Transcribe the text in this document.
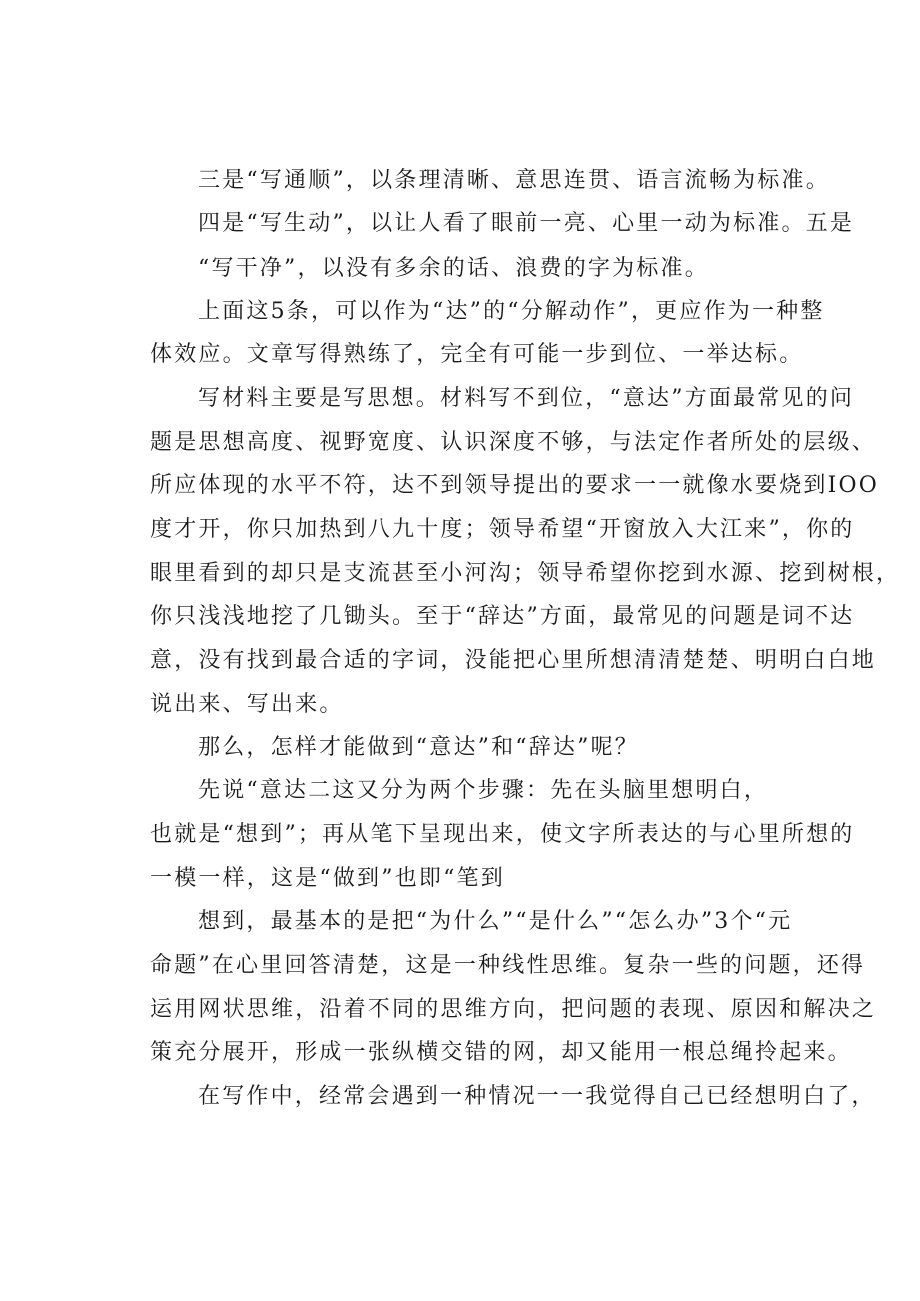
三是“写通顺”，以条理清晰、意思连贯、语言流畅为标准。
四是“写生动”，以让人看了眼前一亮、心里一动为标准。五是
“写干净”，以没有多余的话、浪费的字为标准。
上面这5条，可以作为“达”的“分解动作”，更应作为一种整
体效应。文章写得熟练了，完全有可能一步到位、一举达标。
写材料主要是写思想。材料写不到位，“意达”方面最常见的问
题是思想高度、视野宽度、认识深度不够，与法定作者所处的层级、
所应体现的水平不符，达不到领导提出的要求一一就像水要烧到IOO
度才开，你只加热到八九十度；领导希望“开窗放入大江来”，你的
眼里看到的却只是支流甚至小河沟；领导希望你挖到水源、挖到树根，
你只浅浅地挖了几锄头。至于“辞达”方面，最常见的问题是词不达
意，没有找到最合适的字词，没能把心里所想清清楚楚、明明白白地
说出来、写出来。
那么，怎样才能做到“意达”和“辞达”呢？
先说“意达二这又分为两个步骤：先在头脑里想明白，
也就是“想到”；再从笔下呈现出来，使文字所表达的与心里所想的
一模一样，这是“做到”也即“笔到
想到，最基本的是把“为什么”“是什么”“怎么办”3个“元
命题”在心里回答清楚，这是一种线性思维。复杂一些的问题，还得
运用网状思维，沿着不同的思维方向，把问题的表现、原因和解决之
策充分展开，形成一张纵横交错的网，却又能用一根总绳拎起来。
在写作中，经常会遇到一种情况一一我觉得自己已经想明白了，
